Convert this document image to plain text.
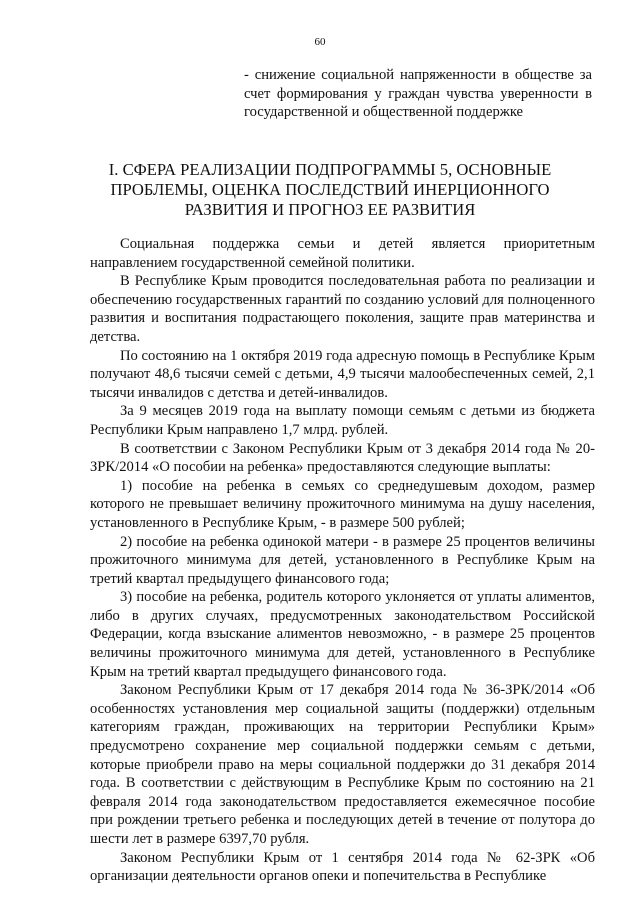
60
- снижение социальной напряженности в обществе за счет формирования у граждан чувства уверенности в государственной и общественной поддержке
I. СФЕРА РЕАЛИЗАЦИИ ПОДПРОГРАММЫ 5, ОСНОВНЫЕ ПРОБЛЕМЫ, ОЦЕНКА ПОСЛЕДСТВИЙ ИНЕРЦИОННОГО РАЗВИТИЯ И ПРОГНОЗ ЕЕ РАЗВИТИЯ

Социальная поддержка семьи и детей является приоритетным направлением государственной семейной политики.

В Республике Крым проводится последовательная работа по реализации и обеспечению государственных гарантий по созданию условий для полноценного развития и воспитания подрастающего поколения, защите прав материнства и детства.

По состоянию на 1 октября 2019 года адресную помощь в Республике Крым получают 48,6 тысячи семей с детьми, 4,9 тысячи малообеспеченных семей, 2,1 тысячи инвалидов с детства и детей-инвалидов.

За 9 месяцев 2019 года на выплату помощи семьям с детьми из бюджета Республики Крым направлено 1,7 млрд. рублей.

В соответствии с Законом Республики Крым от 3 декабря 2014 года № 20-ЗРК/2014 «О пособии на ребенка» предоставляются следующие выплаты:

1) пособие на ребенка в семьях со среднедушевым доходом, размер которого не превышает величину прожиточного минимума на душу населения, установленного в Республике Крым, - в размере 500 рублей;

2) пособие на ребенка одинокой матери - в размере 25 процентов величины прожиточного минимума для детей, установленного в Республике Крым на третий квартал предыдущего финансового года;

3) пособие на ребенка, родитель которого уклоняется от уплаты алиментов, либо в других случаях, предусмотренных законодательством Российской Федерации, когда взыскание алиментов невозможно, - в размере 25 процентов величины прожиточного минимума для детей, установленного в Республике Крым на третий квартал предыдущего финансового года.

Законом Республики Крым от 17 декабря 2014 года № 36-ЗРК/2014 «Об особенностях установления мер социальной защиты (поддержки) отдельным категориям граждан, проживающих на территории Республики Крым» предусмотрено сохранение мер социальной поддержки семьям с детьми, которые приобрели право на меры социальной поддержки до 31 декабря 2014 года. В соответствии с действующим в Республике Крым по состоянию на 21 февраля 2014 года законодательством предоставляется ежемесячное пособие при рождении третьего ребенка и последующих детей в течение от полутора до шести лет в размере 6397,70 рубля.

Законом Республики Крым от 1 сентября 2014 года № 62-ЗРК «Об организации деятельности органов опеки и попечительства в Республике
